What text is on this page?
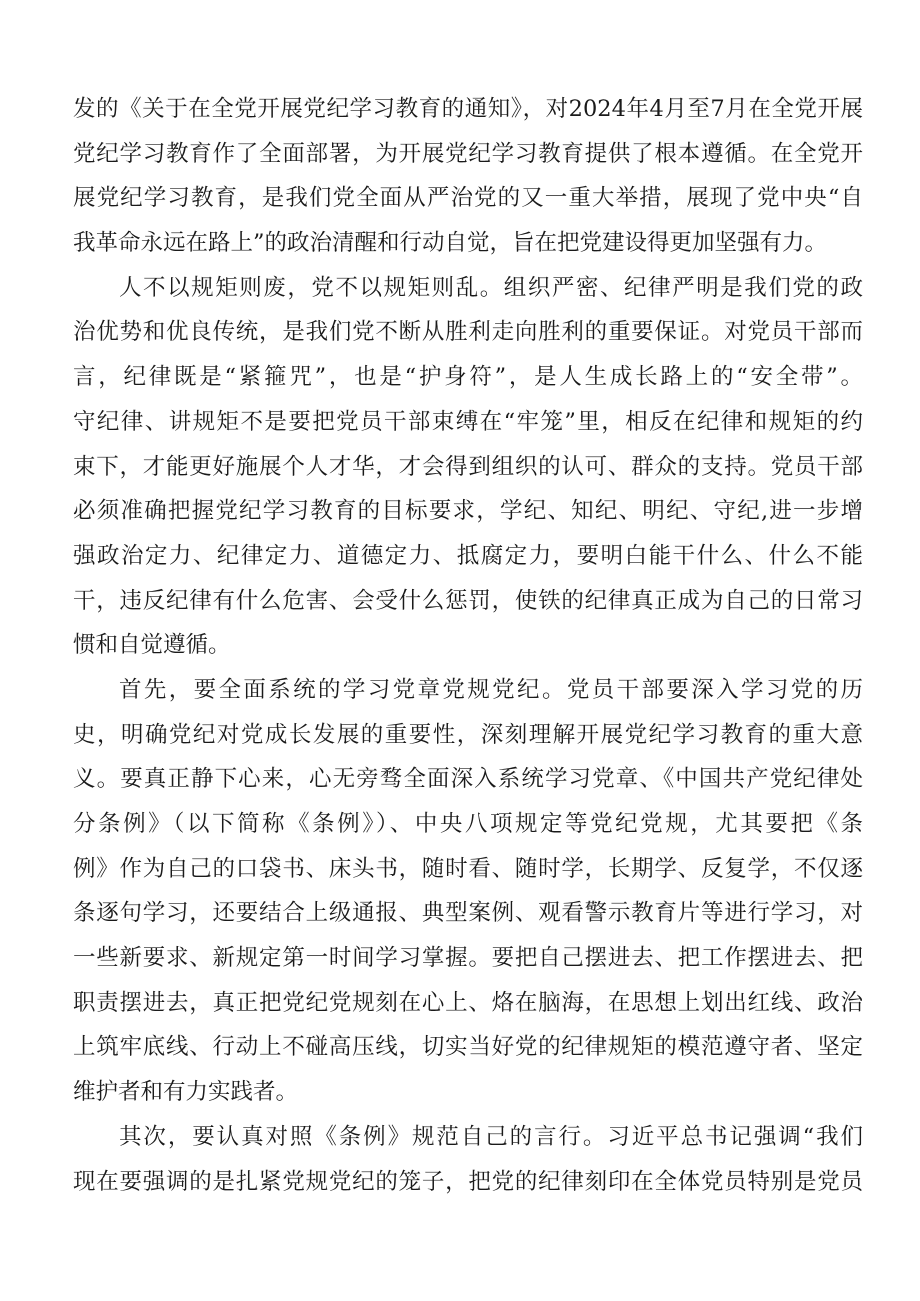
发的《关于在全党开展党纪学习教育的通知》，对2024年4月至7月在全党开展
党纪学习教育作了全面部署，为开展党纪学习教育提供了根本遵循。在全党开
展党纪学习教育，是我们党全面从严治党的又一重大举措，展现了党中央“自
我革命永远在路上”的政治清醒和行动自觉，旨在把党建设得更加坚强有力。
人不以规矩则废，党不以规矩则乱。组织严密、纪律严明是我们党的政
治优势和优良传统，是我们党不断从胜利走向胜利的重要保证。对党员干部而
言，纪律既是“紧箍咒”，也是“护身符”，是人生成长路上的“安全带”。
守纪律、讲规矩不是要把党员干部束缚在“牢笼”里，相反在纪律和规矩的约
束下，才能更好施展个人才华，才会得到组织的认可、群众的支持。党员干部
必须准确把握党纪学习教育的目标要求，学纪、知纪、明纪、守纪,进一步增
强政治定力、纪律定力、道德定力、抵腐定力，要明白能干什么、什么不能
干，违反纪律有什么危害、会受什么惩罚，使铁的纪律真正成为自己的日常习
惯和自觉遵循。
首先，要全面系统的学习党章党规党纪。党员干部要深入学习党的历
史，明确党纪对党成长发展的重要性，深刻理解开展党纪学习教育的重大意
义。要真正静下心来，心无旁骛全面深入系统学习党章、《中国共产党纪律处
分条例》（以下简称《条例》）、中央八项规定等党纪党规，尤其要把《条
例》作为自己的口袋书、床头书，随时看、随时学，长期学、反复学，不仅逐
条逐句学习，还要结合上级通报、典型案例、观看警示教育片等进行学习，对
一些新要求、新规定第一时间学习掌握。要把自己摆进去、把工作摆进去、把
职责摆进去，真正把党纪党规刻在心上、烙在脑海，在思想上划出红线、政治
上筑牢底线、行动上不碰高压线，切实当好党的纪律规矩的模范遵守者、坚定
维护者和有力实践者。
其次，要认真对照《条例》规范自己的言行。习近平总书记强调“我们
现在要强调的是扎紧党规党纪的笼子，把党的纪律刻印在全体党员特别是党员
